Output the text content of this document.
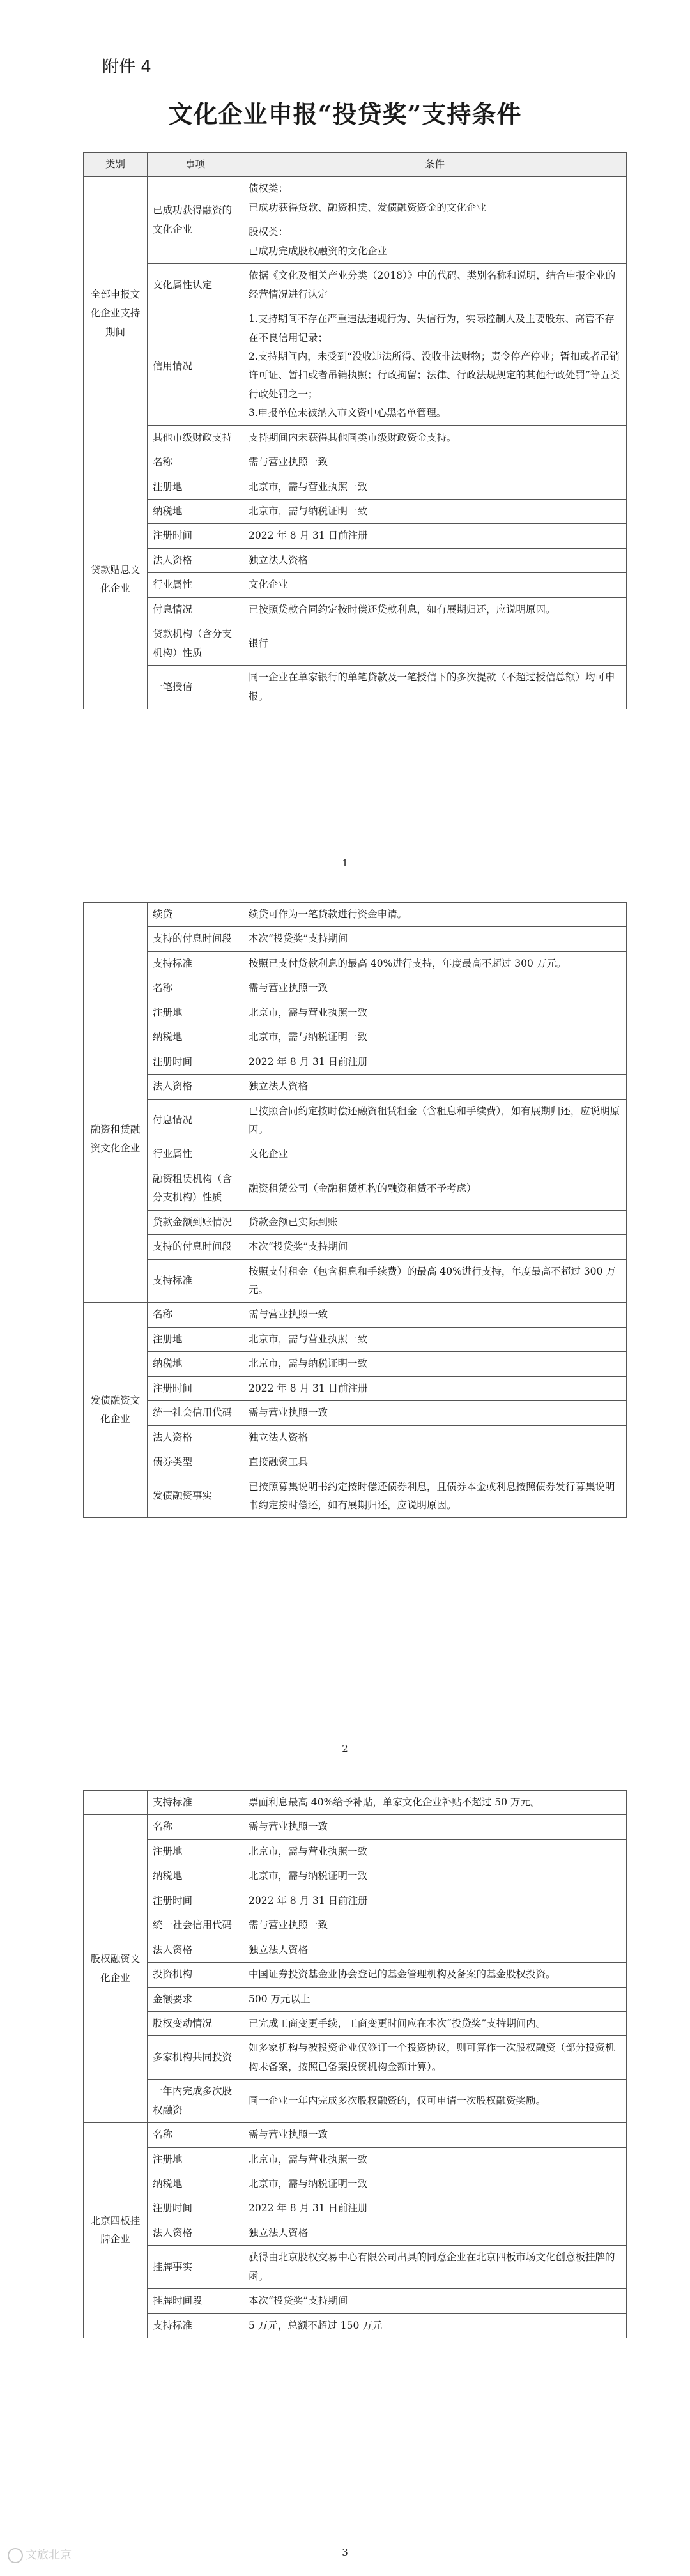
附件 4
文化企业申报“投贷奖”支持条件
类别	事项	条件
全部申报文化企业支持期间	已成功获得融资的文化企业	债权类：
已成功获得贷款、融资租赁、发债融资资金的文化企业
		股权类：
已成功完成股权融资的文化企业
	文化属性认定	依据《文化及相关产业分类（2018）》中的代码、类别名称和说明，结合申报企业的经营情况进行认定
	信用情况	1.支持期间不存在严重违法违规行为、失信行为，实际控制人及主要股东、高管不存在不良信用记录；
2.支持期间内，未受到“没收违法所得、没收非法财物；责令停产停业；暂扣或者吊销许可证、暂扣或者吊销执照；行政拘留；法律、行政法规规定的其他行政处罚”等五类行政处罚之一；
3.申报单位未被纳入市文资中心黑名单管理。
	其他市级财政支持	支持期间内未获得其他同类市级财政资金支持。
贷款贴息文化企业	名称	需与营业执照一致
	注册地	北京市，需与营业执照一致
	纳税地	北京市，需与纳税证明一致
	注册时间	2022 年 8 月 31 日前注册
	法人资格	独立法人资格
	行业属性	文化企业
	付息情况	已按照贷款合同约定按时偿还贷款利息，如有展期归还，应说明原因。
	贷款机构（含分支机构）性质	银行
	一笔授信	同一企业在单家银行的单笔贷款及一笔授信下的多次提款（不超过授信总额）均可申报。
1
	续贷	续贷可作为一笔贷款进行资金申请。
	支持的付息时间段	本次“投贷奖”支持期间
	支持标准	按照已支付贷款利息的最高 40%进行支持，年度最高不超过 300 万元。
融资租赁融资文化企业	名称	需与营业执照一致
	注册地	北京市，需与营业执照一致
	纳税地	北京市，需与纳税证明一致
	注册时间	2022 年 8 月 31 日前注册
	法人资格	独立法人资格
	付息情况	已按照合同约定按时偿还融资租赁租金（含租息和手续费），如有展期归还，应说明原因。
	行业属性	文化企业
	融资租赁机构（含分支机构）性质	融资租赁公司（金融租赁机构的融资租赁不予考虑）
	贷款金额到账情况	贷款金额已实际到账
	支持的付息时间段	本次“投贷奖”支持期间
	支持标准	按照支付租金（包含租息和手续费）的最高 40%进行支持，年度最高不超过 300 万元。
发债融资文化企业	名称	需与营业执照一致
	注册地	北京市，需与营业执照一致
	纳税地	北京市，需与纳税证明一致
	注册时间	2022 年 8 月 31 日前注册
	统一社会信用代码	需与营业执照一致
	法人资格	独立法人资格
	债券类型	直接融资工具
	发债融资事实	已按照募集说明书约定按时偿还债券利息，且债券本金或利息按照债券发行募集说明书约定按时偿还，如有展期归还，应说明原因。
2
	支持标准	票面利息最高 40%给予补贴，单家文化企业补贴不超过 50 万元。
股权融资文化企业	名称	需与营业执照一致
	注册地	北京市，需与营业执照一致
	纳税地	北京市，需与纳税证明一致
	注册时间	2022 年 8 月 31 日前注册
	统一社会信用代码	需与营业执照一致
	法人资格	独立法人资格
	投资机构	中国证券投资基金业协会登记的基金管理机构及备案的基金股权投资。
	金额要求	500 万元以上
	股权变动情况	已完成工商变更手续，工商变更时间应在本次“投贷奖”支持期间内。
	多家机构共同投资	如多家机构与被投资企业仅签订一个投资协议，则可算作一次股权融资（部分投资机构未备案，按照已备案投资机构金额计算）。
	一年内完成多次股权融资	同一企业一年内完成多次股权融资的，仅可申请一次股权融资奖励。
北京四板挂牌企业	名称	需与营业执照一致
	注册地	北京市，需与营业执照一致
	纳税地	北京市，需与纳税证明一致
	注册时间	2022 年 8 月 31 日前注册
	法人资格	独立法人资格
	挂牌事实	获得由北京股权交易中心有限公司出具的同意企业在北京四板市场文化创意板挂牌的函。
	挂牌时间段	本次“投贷奖”支持期间
	支持标准	5 万元，总额不超过 150 万元
3
文旅北京
